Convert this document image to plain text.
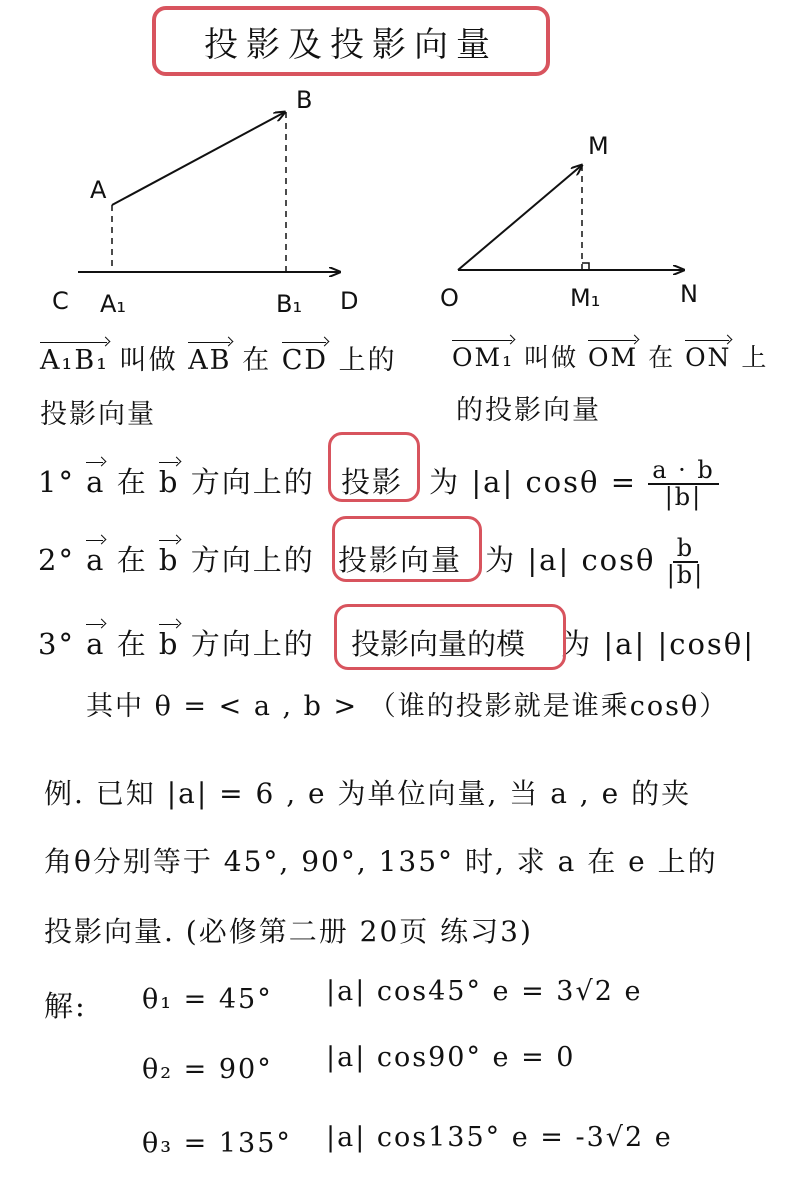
投影及投影向量
A
B
C A₁	B₁ D	O
M
M₁	N
A₁B₁ 叫做 AB 在 CD 上的
投影向量
OM₁ 叫做 OM 在 ON 上
的投影向量
1° a 在 b 方向上的 投影 为 |a| $\cos\theta = \frac{a \cdot b}{|b|}$
2° a 在 b 方向上的 投影向量 为 |a| cosθ $\frac{b}{|b|}$
3° a 在 b 方向上的 投影向量的模 为 |a| |cosθ|
其中 θ = < a , b > （谁的投影就是谁乘cosθ）
例. 已知 |a| = 6 , e 为单位向量, 当 a , e 的夹
角θ分别等于 45°, 90°, 135° 时, 求 a 在 e 上的
投影向量. (必修第二册 20页 练习3)
解: θ₁ = 45° |a| cos45° e = 3√2 e
θ₂ = 90° |a| cos90° e = 0
θ₃ = 135° |a| cos135° e = -3√2 e
